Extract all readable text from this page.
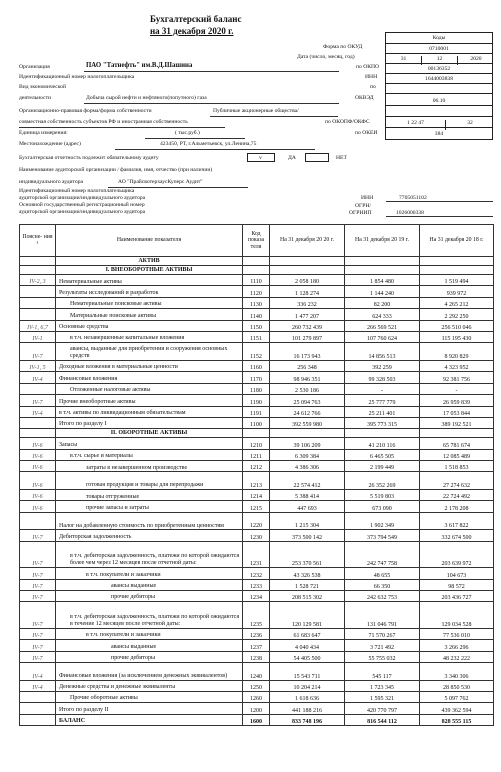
Бухгалтерский баланс
на 31 декабря 2020 г.
Коды
0710001
31	12	2020
00136352
1644003838
06.10
1 22 47	32
384
Форма по ОКУД
Дата (число, месяц, год)
Организация	ПАО "Татнефть" им.В.Д.Шашина	по ОКПО
Идентификационный номер налогоплательщика	ИНН
Вид экономической	по
деятельности	Добыча сырой нефти и нефтяного(попутного) газа	ОКВЭД
Организационно-правовая форма/форма собственности	Публичные акционерные общества/
совместная собственность субъектов РФ и иностранная собственность	по ОКОПФ/ОКФС
Единица измерения:	( тыс.руб.)	по ОКЕИ
Местонахождение (адрес)	423450, РТ, г.Альметьевск, ул.Ленина,75
Бухгалтерская отчетность подлежит обязательному аудиту	v	ДА	НЕТ
Наименование аудиторской организации / фамилия, имя, отчество (при наличии)
индивидуального аудитора	АО "ПрайсвотерхаусКуперс Аудит"
Идентификационный номер налогоплательщика
аудиторской организации/индивидуального аудитора
Основной государственный регистрационный номер
аудиторской организации/индивидуального аудитора
ИНН
ОГРН/
ОГРНИП
7705051102
1026000338
Поясне- ния ¹	Наименование показателя	Код показа теля	На 31 декабря 20 20 г.	На 31 декабря 20 19 г.	На 31 декабря 20 18 г.
	АКТИВ				
	I. ВНЕОБОРОТНЫЕ АКТИВЫ				
IV-2, 3	Нематериальные активы	1110	2 058 180	1 854 480	1 519 494
	Результаты исследований и разработок	1120	1 128 274	1 144 240	939 972
	Нематериальные поисковые активы	1130	336 232	82 200	4 265 212
	Материальные поисковые активы	1140	1 477 207	624 333	2 292 250
IV-1, 6,7	Основные средства	1150	260 732 439	266 569 521	256 510 046
IV-1	в т.ч. незавершенные капитальные вложения	1151	101 279 897	107 760 624	115 195 430
IV-7	авансы, выданные для приобретения и сооружения основных средств	1152	16 173 943	14 856 513	8 920 829
IV-1, 5	Доходные вложения в материальные ценности	1160	256 348	392 259	4 323 952
IV-4	Финансовые вложения	1170	98 946 351	99 328 503	92 381 756
	Отложенные налоговые активы	1180	2 530 186	-	-
IV-7	Прочие внеоборотные активы	1190	25 094 763	25 777 779	26 959 839
IV-4	в т.ч. активы по ликвидационным обязательствам	1191	24 612 766	25 211 401	17 053 844
	Итого по разделу I	1100	392 559 980	395 773 315	389 192 521
	II. ОБОРОТНЫЕ АКТИВЫ				
IV-6	Запасы	1210	39 106 209	41 210 116	65 781 674
IV-6	в.т.ч. сырье и материалы	1211	6 309 384	6 465 505	12 085 489
IV-6	затраты в незавершенном производстве	1212	4 386 306	2 199 449	1 518 853
IV-6	готовая продукция и товары для перепродажи	1213	22 574 412	26 352 269	27 274 632
IV-6	товары отгруженные	1214	5 388 414	5 519 803	22 724 492
IV-6	прочие запасы и затраты	1215	447 693	673 090	2 178 208
	Налог на добавленную стоимость по приобретенным ценностям	1220	1 215 304	1 902 349	3 617 822
IV-7	Дебиторская задолженность	1230	373 500 142	373 794 549	332 674 500
IV-7	в т.ч. дебиторская задолженность, платежи по которой ожидаются более чем через 12 месяцев после отчетной даты:	1231	253 370 561	242 747 758	203 639 972
IV-7	в т.ч. покупатели и заказчики	1232	43 326 538	48 655	104 673
IV-7	авансы выданные	1233	1 528 721	66 350	98 572
IV-7	прочие дебиторы	1234	208 515 302	242 632 753	203 436 727
IV-7	в т.ч. дебиторская задолженность, платежи по которой ожидаются в течение 12 месяцев после отчетной даты:	1235	120 129 581	131 046 791	129 034 528
IV-7	в т.ч. покупатели и заказчики	1236	61 683 647	71 570 267	77 536 010
IV-7	авансы выданные	1237	4 040 434	3 721 492	3 266 296
IV-7	прочие дебиторы	1238	54 405 500	55 755 032	48 232 222
IV-4	Финансовые вложения (за исключением денежных эквивалентов)	1240	15 543 711	545 117	3 340 306
IV-4	Денежные средства и денежные эквиваленты	1250	10 204 214	1 723 345	28 850 530
	Прочие оборотные активы	1260	1 618 636	1 595 321	5 097 762
	Итого по разделу II	1200	441 188 216	420 770 797	439 362 594
	БАЛАНС	1600	833 748 196	816 544 112	828 555 115
